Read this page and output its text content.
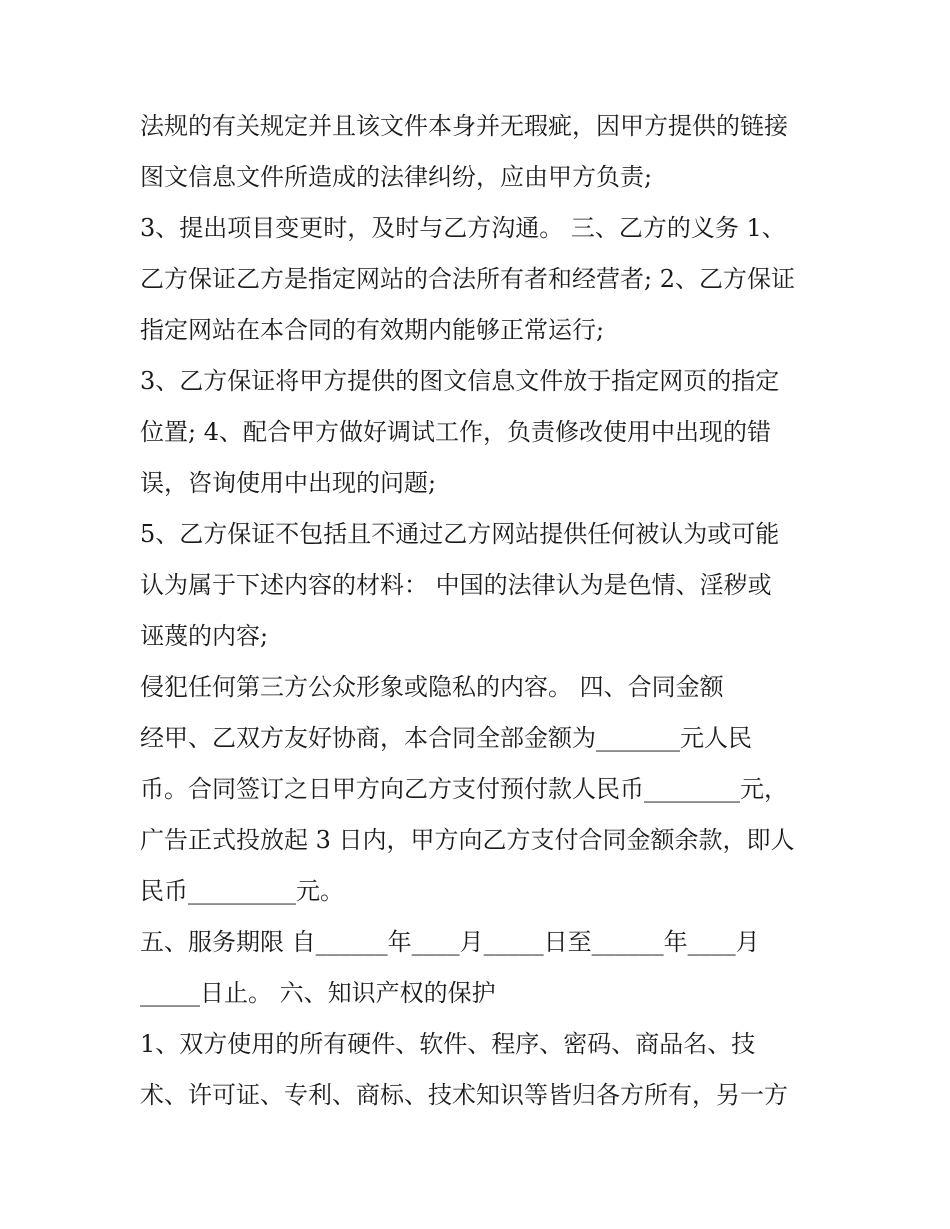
法规的有关规定并且该文件本身并无瑕疵，因甲方提供的链接
图文信息文件所造成的法律纠纷，应由甲方负责;
3、提出项目变更时，及时与乙方沟通。 三、乙方的义务 1、
乙方保证乙方是指定网站的合法所有者和经营者; 2、乙方保证
指定网站在本合同的有效期内能够正常运行;
3、乙方保证将甲方提供的图文信息文件放于指定网页的指定
位置; 4、配合甲方做好调试工作，负责修改使用中出现的错
误，咨询使用中出现的问题;
5、乙方保证不包括且不通过乙方网站提供任何被认为或可能
认为属于下述内容的材料： 中国的法律认为是色情、淫秽或
诬蔑的内容;
侵犯任何第三方公众形象或隐私的内容。 四、合同金额
经甲、乙双方友好协商，本合同全部金额为_______元人民
币。合同签订之日甲方向乙方支付预付款人民币________元，
广告正式投放起 3 日内，甲方向乙方支付合同金额余款，即人
民币_________元。
五、服务期限 自______年____月_____日至______年____月
_____日止。 六、知识产权的保护
1、双方使用的所有硬件、软件、程序、密码、商品名、技
术、许可证、专利、商标、技术知识等皆归各方所有，另一方
